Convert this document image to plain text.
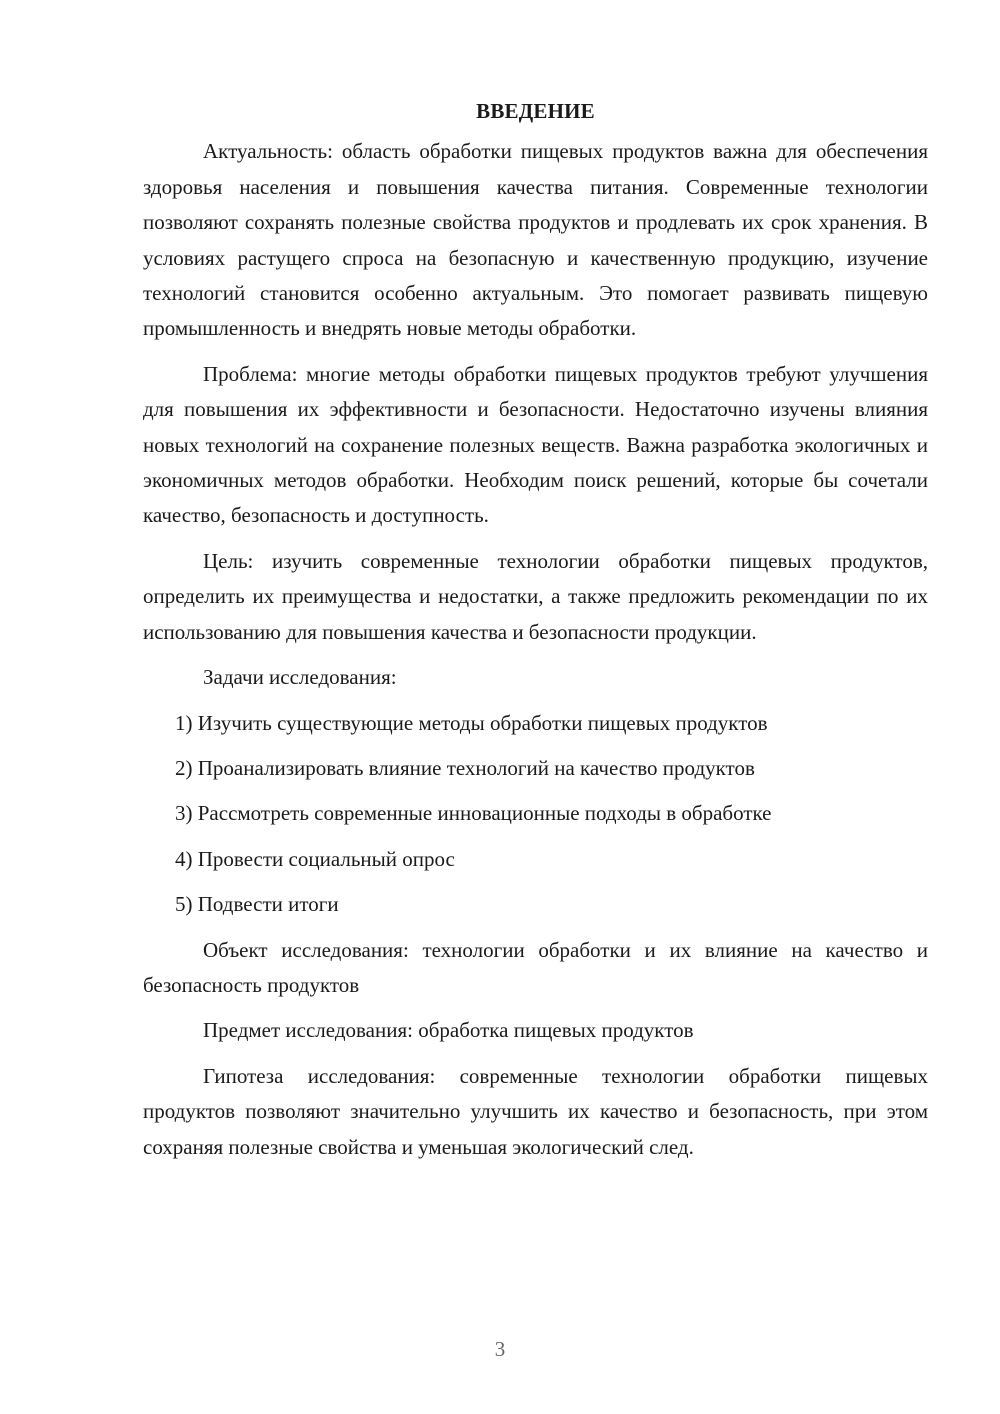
ВВЕДЕНИЕ

Актуальность: область обработки пищевых продуктов важна для обеспечения здоровья населения и повышения качества питания. Современные технологии позволяют сохранять полезные свойства продуктов и продлевать их срок хранения. В условиях растущего спроса на безопасную и качественную продукцию, изучение технологий становится особенно актуальным. Это помогает развивать пищевую промышленность и внедрять новые методы обработки.

Проблема: многие методы обработки пищевых продуктов требуют улучшения для повышения их эффективности и безопасности. Недостаточно изучены влияния новых технологий на сохранение полезных веществ. Важна разработка экологичных и экономичных методов обработки. Необходим поиск решений, которые бы сочетали качество, безопасность и доступность.

Цель: изучить современные технологии обработки пищевых продуктов, определить их преимущества и недостатки, а также предложить рекомендации по их использованию для повышения качества и безопасности продукции.

Задачи исследования:

1) Изучить существующие методы обработки пищевых продуктов
2) Проанализировать влияние технологий на качество продуктов
3) Рассмотреть современные инновационные подходы в обработке
4) Провести социальный опрос
5) Подвести итоги

Объект исследования: технологии обработки и их влияние на качество и безопасность продуктов

Предмет исследования: обработка пищевых продуктов

Гипотеза исследования: современные технологии обработки пищевых продуктов позволяют значительно улучшить их качество и безопасность, при этом сохраняя полезные свойства и уменьшая экологический след.

3
